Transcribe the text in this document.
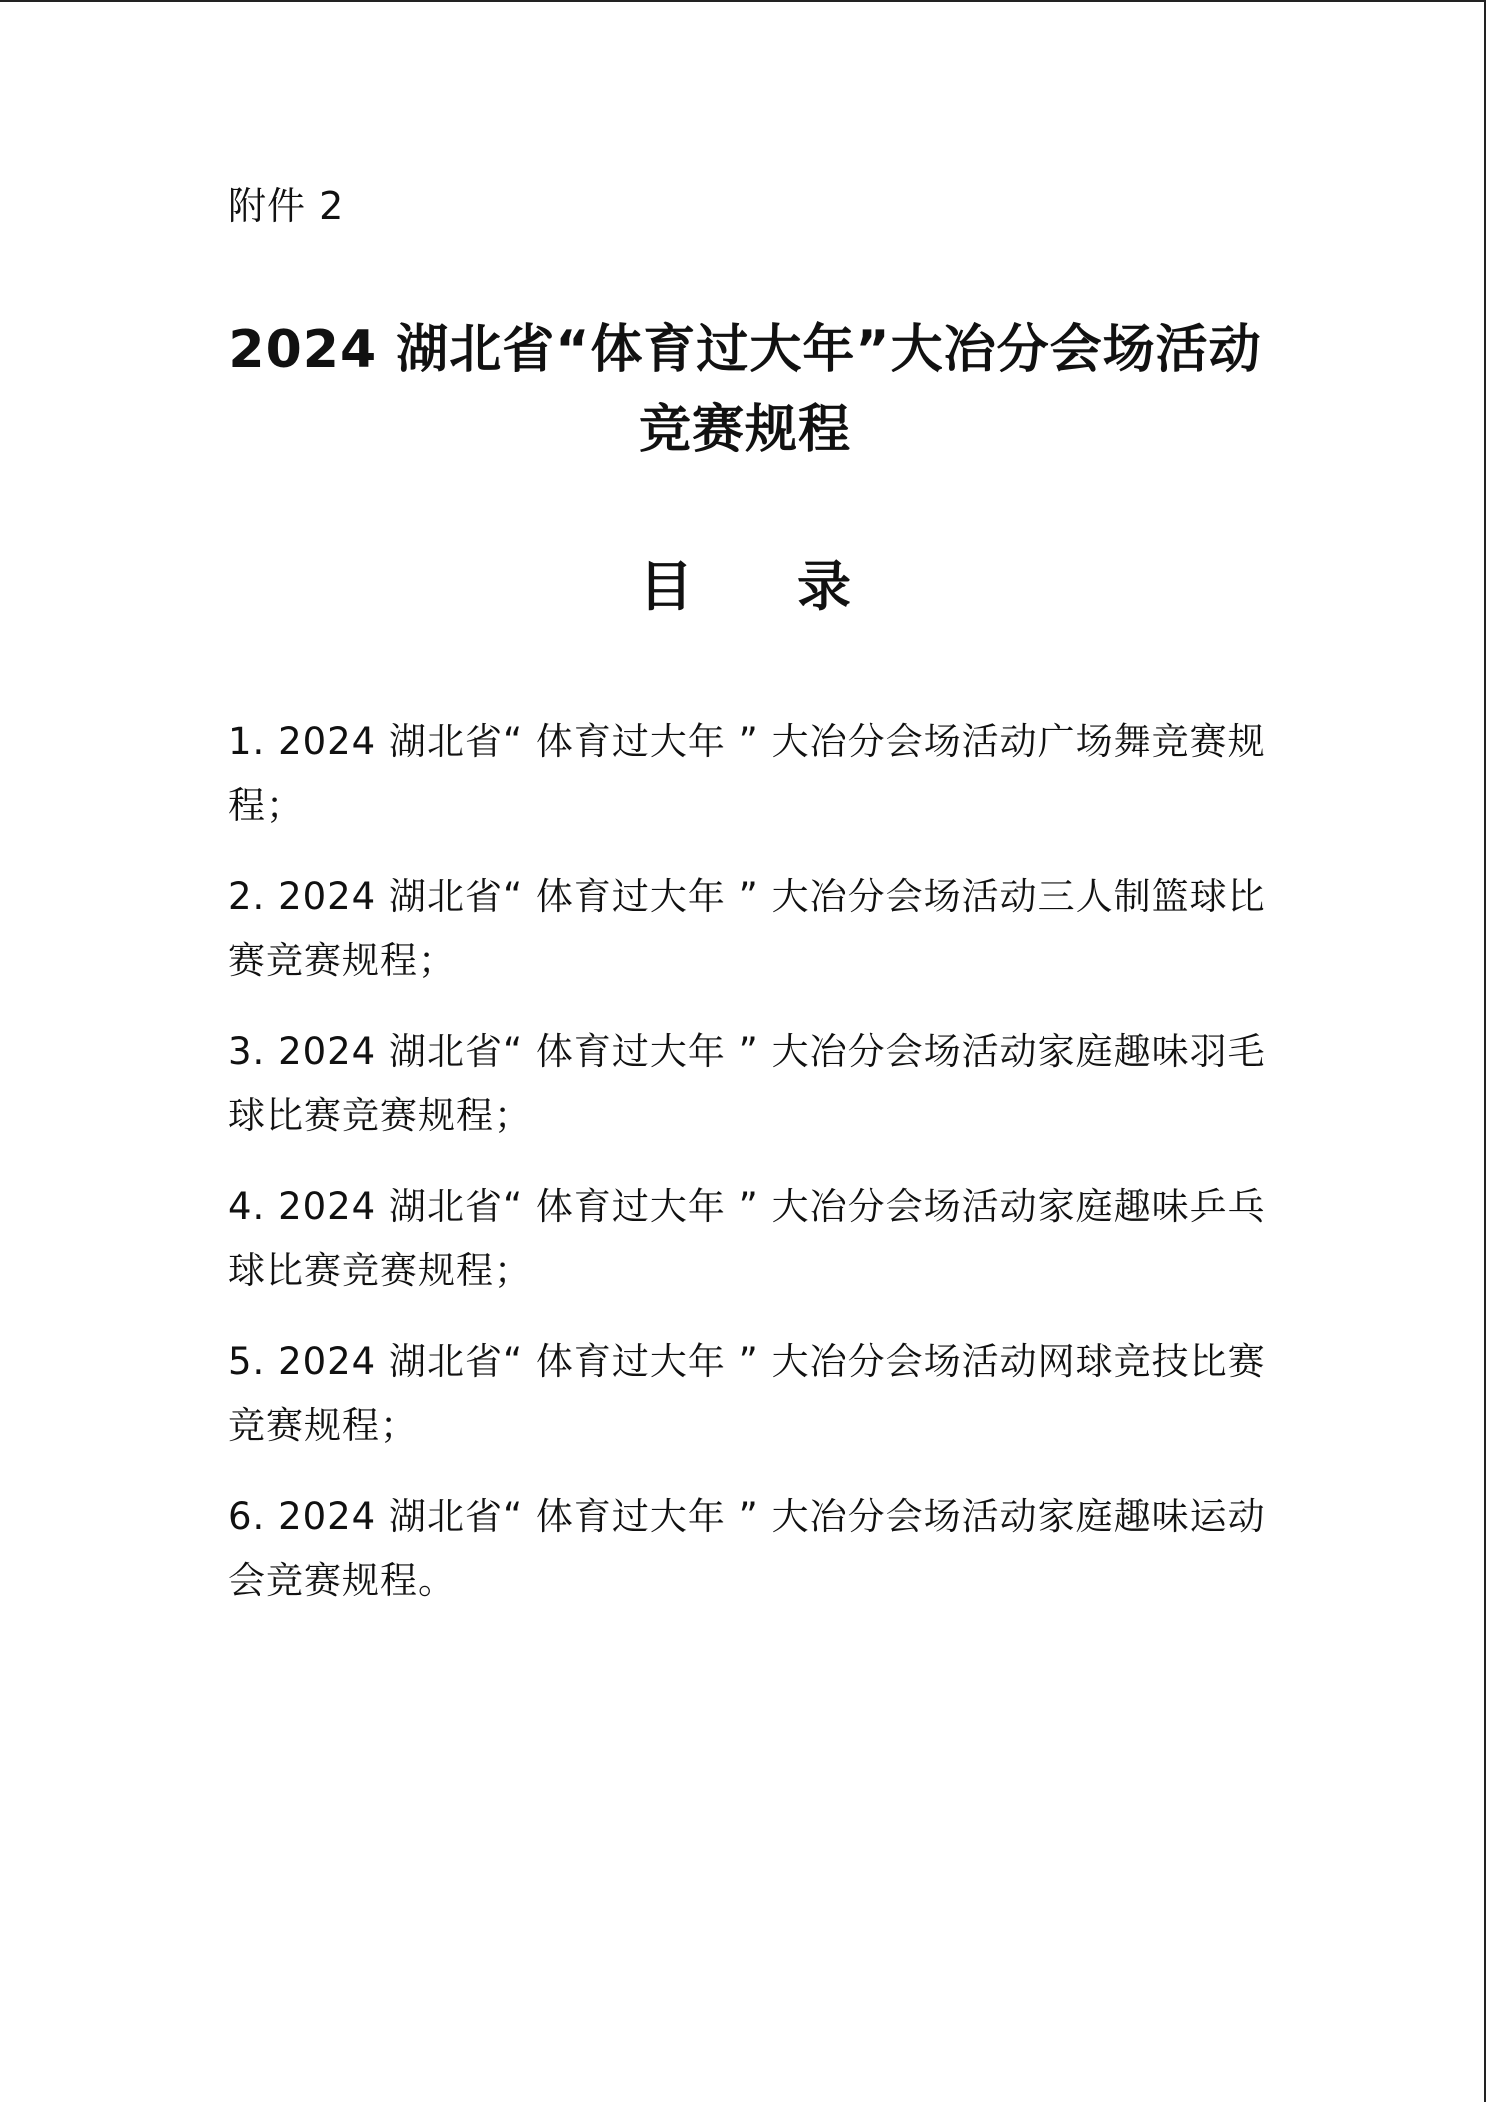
附件 2
2024 湖北省“体育过大年”大冶分会场活动
竞赛规程
目 录
1. 2024 湖北省“ 体育过大年 ” 大冶分会场活动广场舞竞赛规程；
2. 2024 湖北省“ 体育过大年 ” 大冶分会场活动三人制篮球比赛竞赛规程；
3. 2024 湖北省“ 体育过大年 ” 大冶分会场活动家庭趣味羽毛球比赛竞赛规程；
4. 2024 湖北省“ 体育过大年 ” 大冶分会场活动家庭趣味乒乓球比赛竞赛规程；
5. 2024 湖北省“ 体育过大年 ” 大冶分会场活动网球竞技比赛竞赛规程；
6. 2024 湖北省“ 体育过大年 ” 大冶分会场活动家庭趣味运动会竞赛规程。
